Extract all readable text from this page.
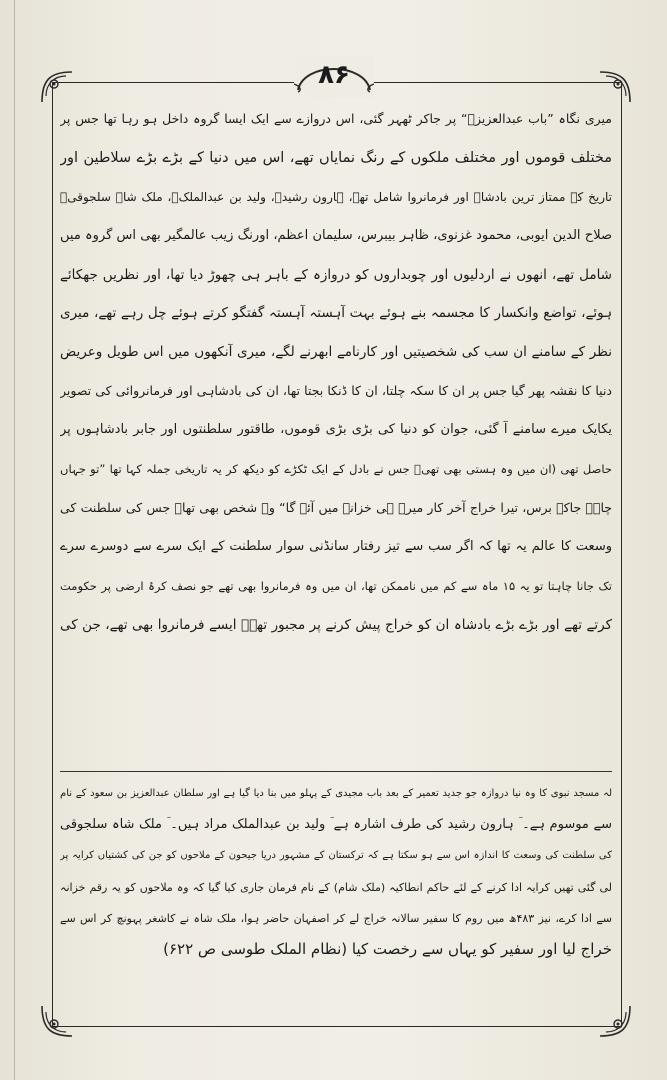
۸۶
میری نگاہ ”باب عبدالعزیزؔ“ پر جاکر ٹھہر گئی، اس دروازے سے ایک ایسا گروہ داخل ہو رہا تھا جس پر
مختلف قوموں اور مختلف ملکوں کے رنگ نمایاں تھے، اس میں دنیا کے بڑے بڑے سلاطین اور
تاریخ کے ممتاز ترین بادشاہ اور فرمانروا شامل تھے، ہارون رشیدؔ، ولید بن عبدالملکؔ، ملک شاہ سلجوقیؔ
صلاح الدین ایوبی، محمود غزنوی، ظاہر بیبرس، سلیمان اعظم، اورنگ زیب عالمگیر بھی اس گروہ میں
شامل تھے، انھوں نے اردلیوں اور چوبداروں کو دروازہ کے باہر ہی چھوڑ دیا تھا، اور نظریں جھکائے
ہوئے، تواضع وانکسار کا مجسمہ بنے ہوئے بہت آہستہ آہستہ گفتگو کرتے ہوئے چل رہے تھے، میری
نظر کے سامنے ان سب کی شخصیتیں اور کارنامے ابھرنے لگے، میری آنکھوں میں اس طویل وعریض
دنیا کا نقشہ پھر گیا جس پر ان کا سکہ چلتا، ان کا ڈنکا بجتا تھا، ان کی بادشاہی اور فرمانروائی کی تصویر
یکایک میرے سامنے آ گئی، جوان کو دنیا کی بڑی بڑی قوموں، طاقتور سلطنتوں اور جابر بادشاہوں پر
حاصل تھی (ان میں وہ ہستی بھی تھیؔ جس نے بادل کے ایک ٹکڑے کو دیکھ کر یہ تاریخی جملہ کہا تھا ”تو جہاں
چاہے جاکے برس، تیرا خراج آخر کار میرے ہی خزانہ میں آئے گا“ وہ شخص بھی تھاؔ جس کی سلطنت کی
وسعت کا عالم یہ تھا کہ اگر سب سے تیز رفتار سانڈنی سوار سلطنت کے ایک سرے سے دوسرے سرے
تک جانا چاہتا تو یہ ۱۵ ماہ سے کم میں ناممکن تھا، ان میں وہ فرمانروا بھی تھے جو نصف کرۂ ارضی پر حکومت
کرتے تھے اور بڑے بڑے بادشاہ ان کو خراج پیش کرنے پر مجبور تھےؔ ایسے فرمانروا بھی تھے، جن کی
لہ مسجد نبوی کا وہ نیا دروازہ جو جدید تعمیر کے بعد باب مجیدی کے پہلو میں بنا دیا گیا ہے اور سلطان عبدالعزیز بن سعود کے نام
سے موسوم ہے۔ ؔ ہارون رشید کی طرف اشارہ ہے ؔ ولید بن عبدالملک مراد ہیں۔ ؔ ملک شاہ سلجوقی
کی سلطنت کی وسعت کا اندازہ اس سے ہو سکتا ہے کہ ترکستان کے مشہور دریا جیحون کے ملاحوں کو جن کی کشتیاں کرایہ پر
لی گئی تھیں کرایہ ادا کرنے کے لئے حاکم انطاکیہ (ملک شام) کے نام فرمان جاری کیا گیا کہ وہ ملاحوں کو یہ رقم خزانہ
سے ادا کرے، نیز ۴۸۳ھ میں روم کا سفیر سالانہ خراج لے کر اصفہان حاضر ہوا، ملک شاہ نے کاشغر پہونچ کر اس سے
خراج لیا اور سفیر کو یہاں سے رخصت کیا (نظام الملک طوسی ص ۶۲۲)
